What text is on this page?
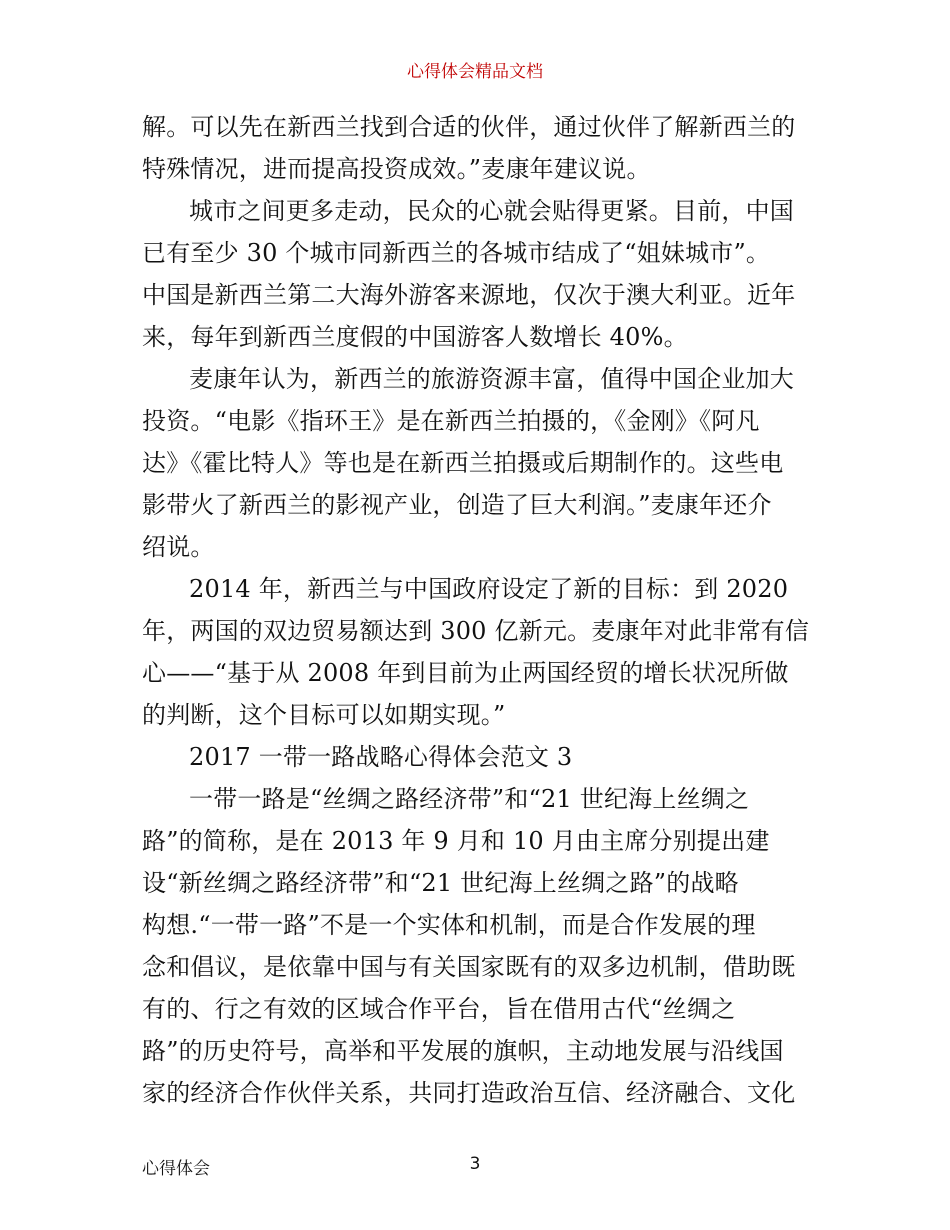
心得体会精品文档
解。可以先在新西兰找到合适的伙伴，通过伙伴了解新西兰的
特殊情况，进而提高投资成效。”麦康年建议说。
城市之间更多走动，民众的心就会贴得更紧。目前，中国
已有至少 30 个城市同新西兰的各城市结成了“姐妹城市”。
中国是新西兰第二大海外游客来源地，仅次于澳大利亚。近年
来，每年到新西兰度假的中国游客人数增长 40%。
麦康年认为，新西兰的旅游资源丰富，值得中国企业加大
投资。“电影《指环王》是在新西兰拍摄的，《金刚》《阿凡
达》《霍比特人》等也是在新西兰拍摄或后期制作的。这些电
影带火了新西兰的影视产业，创造了巨大利润。”麦康年还介
绍说。
2014 年，新西兰与中国政府设定了新的目标：到 2020
年，两国的双边贸易额达到 300 亿新元。麦康年对此非常有信
心——“基于从 2008 年到目前为止两国经贸的增长状况所做
的判断，这个目标可以如期实现。”
2017 一带一路战略心得体会范文 3
一带一路是“丝绸之路经济带”和“21 世纪海上丝绸之
路”的简称，是在 2013 年 9 月和 10 月由主席分别提出建
设“新丝绸之路经济带”和“21 世纪海上丝绸之路”的战略
构想.“一带一路”不是一个实体和机制，而是合作发展的理
念和倡议，是依靠中国与有关国家既有的双多边机制，借助既
有的、行之有效的区域合作平台，旨在借用古代“丝绸之
路”的历史符号，高举和平发展的旗帜，主动地发展与沿线国
家的经济合作伙伴关系，共同打造政治互信、经济融合、文化
心得体会	3
